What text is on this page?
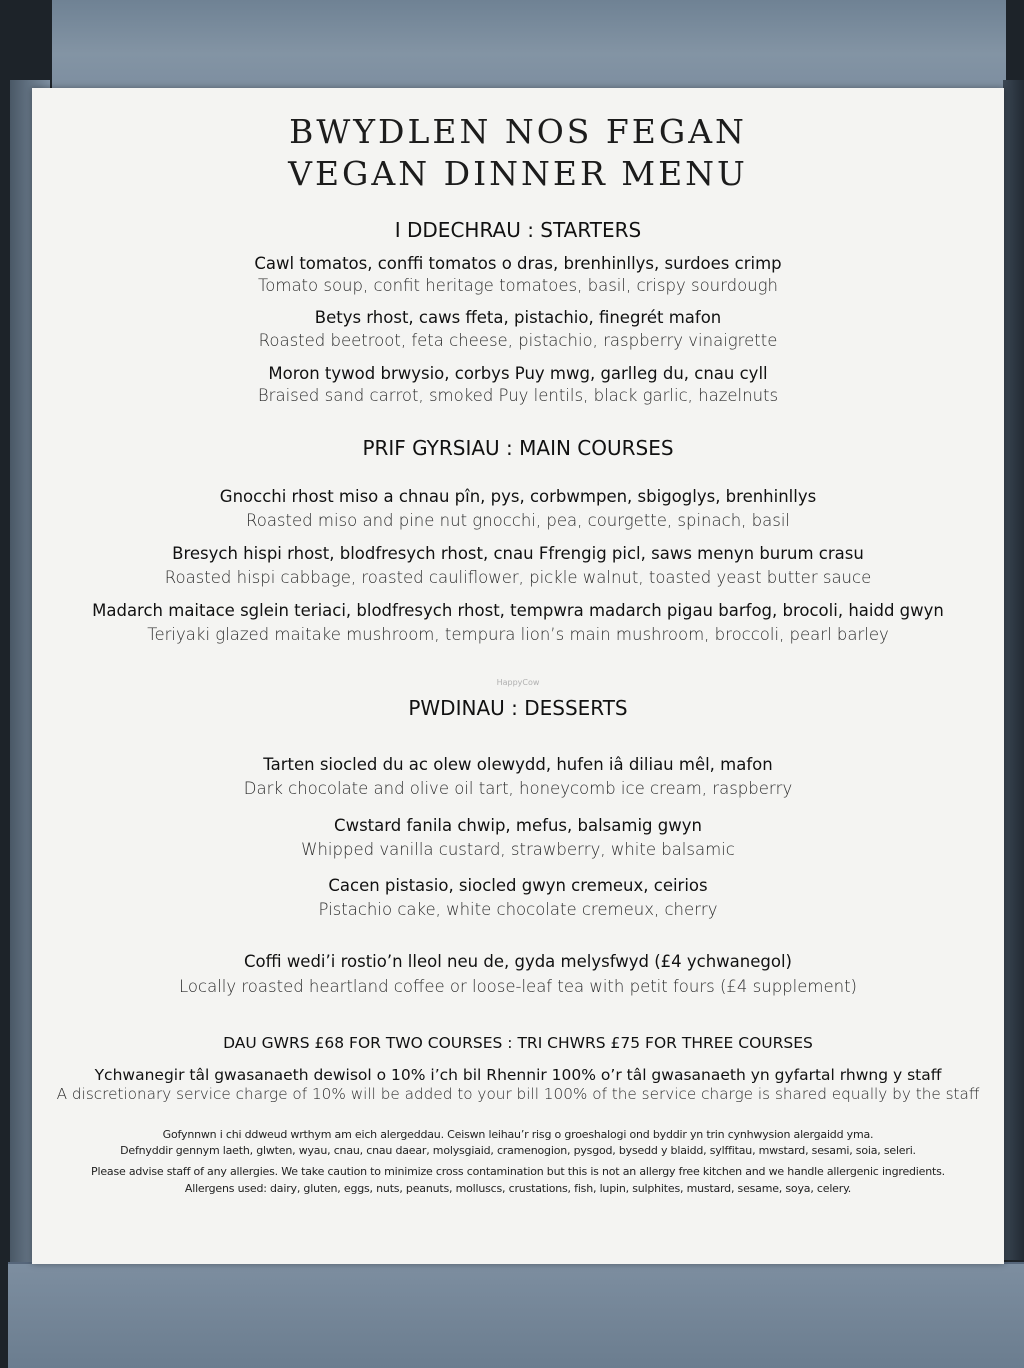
BWYDLEN NOS FEGAN
VEGAN DINNER MENU
I DDECHRAU : STARTERS
Cawl tomatos, conffi tomatos o dras, brenhinllys, surdoes crimp
Tomato soup, confit heritage tomatoes, basil, crispy sourdough
Betys rhost, caws ffeta, pistachio, finegrét mafon
Roasted beetroot, feta cheese, pistachio, raspberry vinaigrette
Moron tywod brwysio, corbys Puy mwg, garlleg du, cnau cyll
Braised sand carrot, smoked Puy lentils, black garlic, hazelnuts
PRIF GYRSIAU : MAIN COURSES
Gnocchi rhost miso a chnau pîn, pys, corbwmpen, sbigoglys, brenhinllys
Roasted miso and pine nut gnocchi, pea, courgette, spinach, basil
Bresych hispi rhost, blodfresych rhost, cnau Ffrengig picl, saws menyn burum crasu
Roasted hispi cabbage, roasted cauliflower, pickle walnut, toasted yeast butter sauce
Madarch maitace sglein teriaci, blodfresych rhost, tempwra madarch pigau barfog, brocoli, haidd gwyn
Teriyaki glazed maitake mushroom, tempura lion’s main mushroom, broccoli, pearl barley
HappyCow
PWDINAU : DESSERTS
Tarten siocled du ac olew olewydd, hufen iâ diliau mêl, mafon
Dark chocolate and olive oil tart, honeycomb ice cream, raspberry
Cwstard fanila chwip, mefus, balsamig gwyn
Whipped vanilla custard, strawberry, white balsamic
Cacen pistasio, siocled gwyn cremeux, ceirios
Pistachio cake, white chocolate cremeux, cherry
Coffi wedi’i rostio’n lleol neu de, gyda melysfwyd (£4 ychwanegol)
Locally roasted heartland coffee or loose-leaf tea with petit fours (£4 supplement)
DAU GWRS £68 FOR TWO COURSES : TRI CHWRS £75 FOR THREE COURSES
Ychwanegir tâl gwasanaeth dewisol o 10% i’ch bil Rhennir 100% o’r tâl gwasanaeth yn gyfartal rhwng y staff
A discretionary service charge of 10% will be added to your bill 100% of the service charge is shared equally by the staff
Gofynnwn i chi ddweud wrthym am eich alergeddau. Ceiswn leihau’r risg o groeshalogi ond byddir yn trin cynhwysion alergaidd yma.
Defnyddir gennym laeth, glwten, wyau, cnau, cnau daear, molysgiaid, cramenogion, pysgod, bysedd y blaidd, sylffitau, mwstard, sesami, soia, seleri.
Please advise staff of any allergies. We take caution to minimize cross contamination but this is not an allergy free kitchen and we handle allergenic ingredients.
Allergens used: dairy, gluten, eggs, nuts, peanuts, molluscs, crustations, fish, lupin, sulphites, mustard, sesame, soya, celery.
